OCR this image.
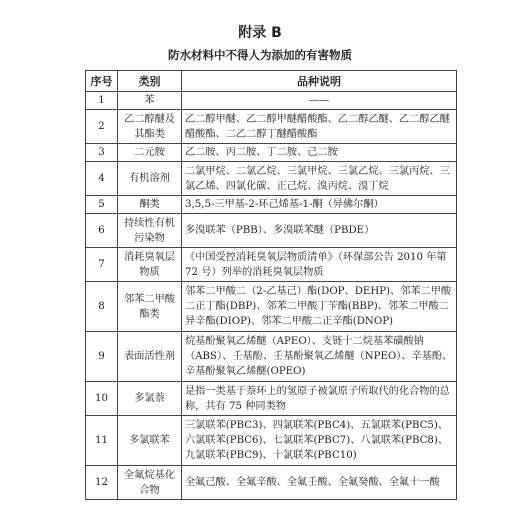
附录 B
防水材料中不得人为添加的有害物质
序号	类别	品种说明
1	苯	——
2	乙二醇醚及其酯类	乙二醇甲醚、乙二醇甲醚醋酸酯、乙二醇乙醚、乙二醇乙醚醋酸酯、二乙二醇丁醚醋酸酯
3	二元胺	乙二胺、丙二胺、丁二胺、己二胺
4	有机溶剂	二氯甲烷、二氯乙烷、三氯甲烷、三氯乙烷、三氯丙烷、三氯乙烯、四氯化碳、正己烷、溴丙烷、溴丁烷
5	酮类	3,5,5-三甲基-2-环己烯基-1-酮（异佛尔酮）
6	持续性有机污染物	多溴联苯（PBB）、多溴联苯醚（PBDE）
7	消耗臭氧层物质	《中国受控消耗臭氧层物质清单》（环保部公告 2010 年第 72 号）列举的消耗臭氧层物质
8	邻苯二甲酸酯类	邻苯二甲酸二（2-乙基己）酯(DOP、DEHP)、邻苯二甲酸二正丁酯(DBP)、邻苯二甲酸丁苄酯(BBP)、邻苯二甲酸二异辛酯(DIOP)、邻苯二甲酸二正辛酯(DNOP)
9	表面活性剂	烷基酚聚氧乙烯醚（APEO）、支链十二烷基苯磺酸钠（ABS）、壬基酚、壬基酚聚氧乙烯醚（NPEO）、辛基酚、辛基酚聚氧乙烯醚(OPEO)
10	多氯萘	是指一类基于萘环上的氢原子被氯原子所取代的化合物的总称，共有 75 种同类物
11	多氯联苯	三氯联苯(PBC3)、四氯联苯(PBC4)、五氯联苯(PBC5)、六氯联苯(PBC6)、七氯联苯(PBC7)、八氯联苯(PBC8)、九氯联苯(PBC9)、十氯联苯(PBC10)
12	全氟烷基化合物	全氟己酸、全氟辛酸、全氟壬酸、全氟癸酸、全氟十一酸
